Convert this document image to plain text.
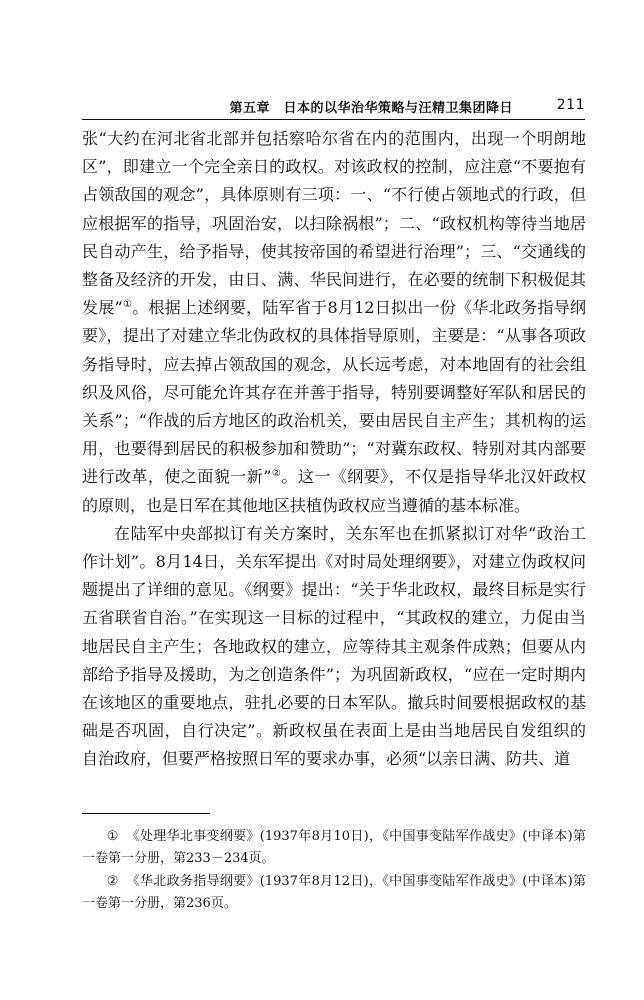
第五章　日本的以华治华策略与汪精卫集团降日	211

张“大约在河北省北部并包括察哈尔省在内的范围内，出现一个明朗地区”，即建立一个完全亲日的政权。对该政权的控制，应注意“不要抱有占领敌国的观念”，具体原则有三项：一、“不行使占领地式的行政，但应根据军的指导，巩固治安，以扫除祸根”；二、“政权机构等待当地居民自动产生，给予指导，使其按帝国的希望进行治理”；三、“交通线的整备及经济的开发，由日、满、华民间进行，在必要的统制下积极促其发展”①。根据上述纲要，陆军省于8月12日拟出一份《华北政务指导纲要》，提出了对建立华北伪政权的具体指导原则，主要是：“从事各项政务指导时，应去掉占领敌国的观念，从长远考虑，对本地固有的社会组织及风俗，尽可能允许其存在并善于指导，特别要调整好军队和居民的关系”；“作战的后方地区的政治机关，要由居民自主产生；其机构的运用，也要得到居民的积极参加和赞助”；“对冀东政权、特别对其内部要进行改革，使之面貌一新”②。这一《纲要》，不仅是指导华北汉奸政权的原则，也是日军在其他地区扶植伪政权应当遵循的基本标准。

在陆军中央部拟订有关方案时，关东军也在抓紧拟订对华“政治工作计划”。8月14日，关东军提出《对时局处理纲要》，对建立伪政权问题提出了详细的意见。《纲要》提出：“关于华北政权，最终目标是实行五省联省自治。”在实现这一目标的过程中，“其政权的建立，力促由当地居民自主产生；各地政权的建立，应等待其主观条件成熟；但要从内部给予指导及援助，为之创造条件”；为巩固新政权，“应在一定时期内在该地区的重要地点，驻扎必要的日本军队。撤兵时间要根据政权的基础是否巩固，自行决定”。新政权虽在表面上是由当地居民自发组织的自治政府，但要严格按照日军的要求办事，必须“以亲日满、防共、道

① 《处理华北事变纲要》(1937年8月10日)，《中国事变陆军作战史》(中译本)第一卷第一分册，第233－234页。

② 《华北政务指导纲要》(1937年8月12日)，《中国事变陆军作战史》(中译本)第一卷第一分册，第236页。
